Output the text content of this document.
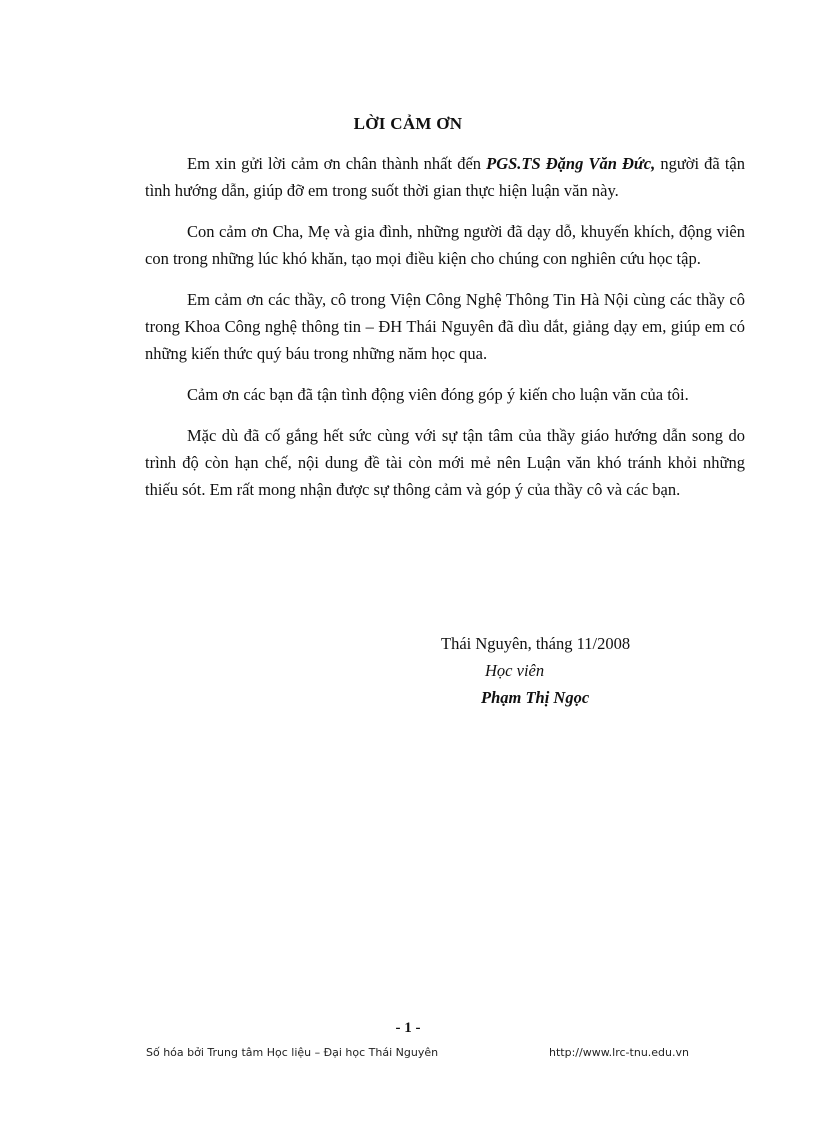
LỜI CẢM ƠN

Em xin gửi lời cảm ơn chân thành nhất đến PGS.TS Đặng Văn Đức, người đã tận tình hướng dẫn, giúp đỡ em trong suốt thời gian thực hiện luận văn này.

Con cảm ơn Cha, Mẹ và gia đình, những người đã dạy dỗ, khuyến khích, động viên con trong những lúc khó khăn, tạo mọi điều kiện cho chúng con nghiên cứu học tập.

Em cảm ơn các thầy, cô trong Viện Công Nghệ Thông Tin Hà Nội cùng các thầy cô trong Khoa Công nghệ thông tin – ĐH Thái Nguyên đã dìu dắt, giảng dạy em, giúp em có những kiến thức quý báu trong những năm học qua.

Cảm ơn các bạn đã tận tình động viên đóng góp ý kiến cho luận văn của tôi.

Mặc dù đã cố gắng hết sức cùng với sự tận tâm của thầy giáo hướng dẫn song do trình độ còn hạn chế, nội dung đề tài còn mới mẻ nên Luận văn khó tránh khỏi những thiếu sót. Em rất mong nhận được sự thông cảm và góp ý của thầy cô và các bạn.

Thái Nguyên, tháng 11/2008
Học viên
Phạm Thị Ngọc
- 1 -
Số hóa bởi Trung tâm Học liệu – Đại học Thái Nguyên	http://www.lrc-tnu.edu.vn
